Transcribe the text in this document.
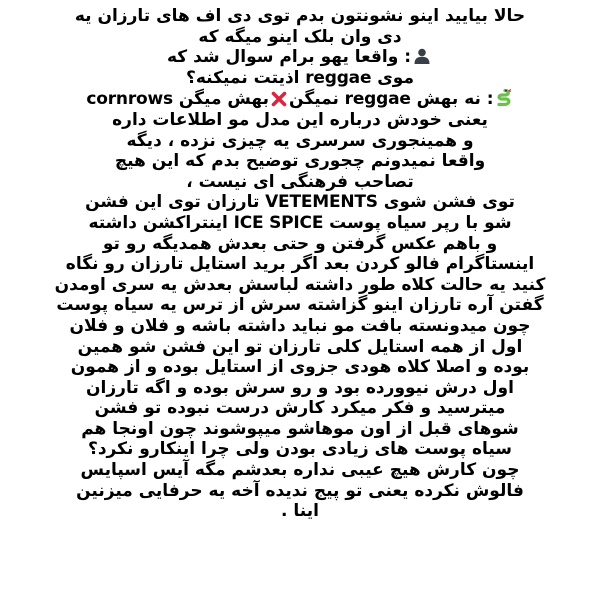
حالا بیایید اینو نشونتون بدم توی دی اف های تارزان یه
دی وان بلک اینو میگه که
: واقعا یهو برام سوال شد که
موی reggae اذیتت نمیکنه؟
: نه بهش reggae نمیگن
بهش میگن cornrows
یعنی خودش درباره این مدل مو اطلاعات داره
و همینجوری سرسری یه چیزی نزده ، دیگه
واقعا نمیدونم چجوری توضیح بدم که این هیچ
تصاحب فرهنگی ای نیست ،
توی فشن شوی VETEMENTS تارزان توی این فشن
شو با رپر سیاه پوست ICE SPICE اینتراکشن داشته
و باهم عکس گرفتن و حتی بعدش همدیگه رو تو
اینستاگرام فالو کردن بعد اگر برید استایل تارزان رو نگاه
کنید یه حالت کلاه طور داشته لباسش بعدش یه سری اومدن
گفتن آره تارزان اینو گزاشته سرش از ترس یه سیاه پوست
چون میدونسته بافت مو نباید داشته باشه و فلان و فلان
اول از همه استایل کلی تارزان تو این فشن شو همین
بوده و اصلا کلاه هودی جزوی از استایل بوده و از همون
اول درش نیوورده بود و رو سرش بوده و اگه تارزان
میترسید و فکر میکرد کارش درست نبوده تو فشن
شوهای قبل از اون موهاشو میپوشوند چون اونجا هم
سیاه پوست های زیادی بودن ولی چرا اینکارو نکرد؟
چون کارش هیچ عیبی نداره بعدشم مگه آیس اسپایس
فالوش نکرده یعنی تو پیج ندیده آخه یه حرفایی میزنین
اینا .
